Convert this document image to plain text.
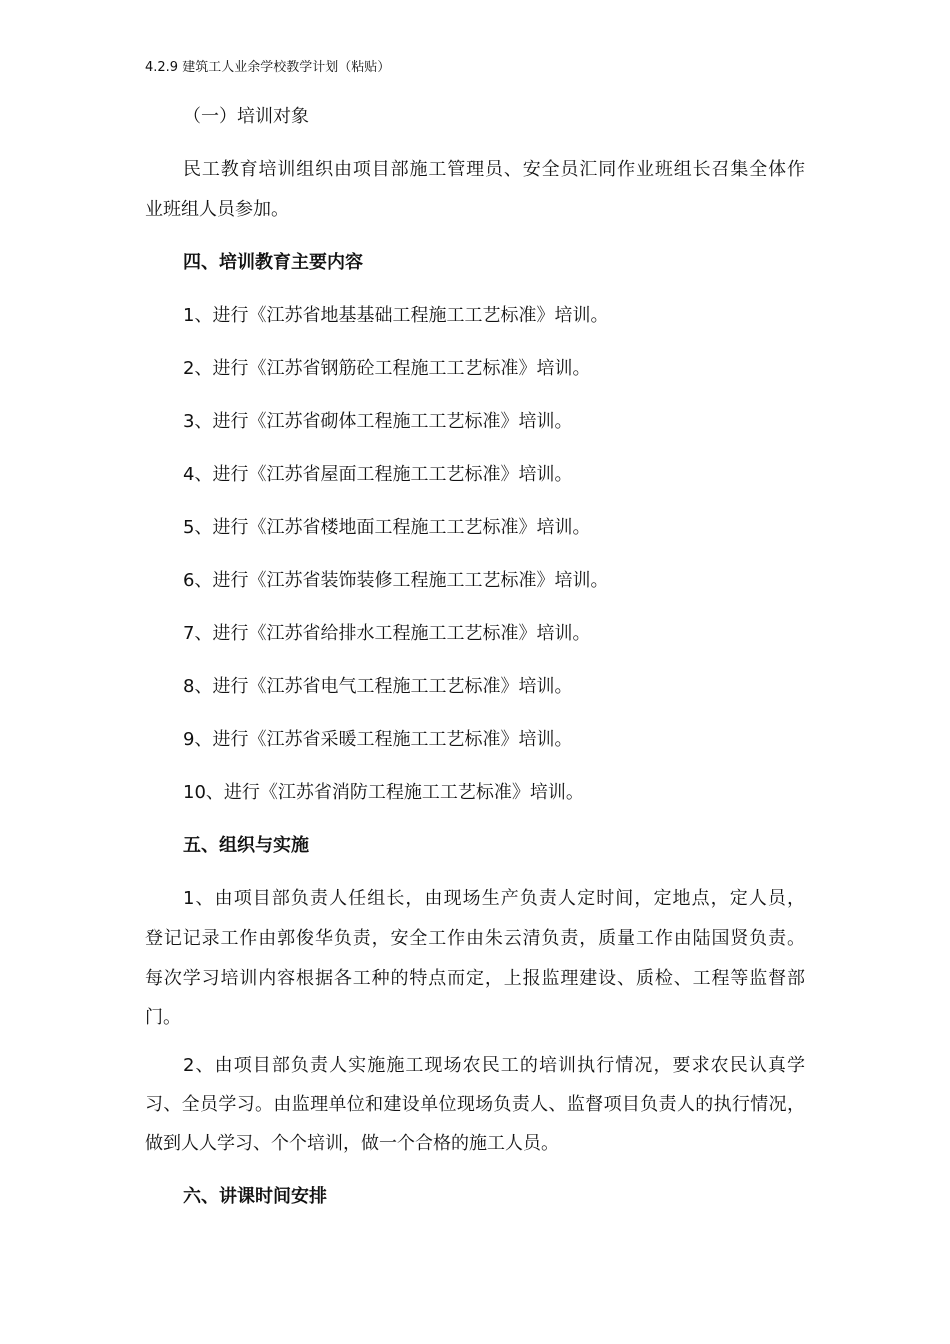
4.2.9 建筑工人业余学校教学计划（粘贴）
（一）培训对象
民工教育培训组织由项目部施工管理员、安全员汇同作业班组长召集全体作
业班组人员参加。
四、培训教育主要内容
1、进行《江苏省地基基础工程施工工艺标准》培训。
2、进行《江苏省钢筋砼工程施工工艺标准》培训。
3、进行《江苏省砌体工程施工工艺标准》培训。
4、进行《江苏省屋面工程施工工艺标准》培训。
5、进行《江苏省楼地面工程施工工艺标准》培训。
6、进行《江苏省装饰装修工程施工工艺标准》培训。
7、进行《江苏省给排水工程施工工艺标准》培训。
8、进行《江苏省电气工程施工工艺标准》培训。
9、进行《江苏省采暖工程施工工艺标准》培训。
10、进行《江苏省消防工程施工工艺标准》培训。
五、组织与实施
1、由项目部负责人任组长，由现场生产负责人定时间，定地点，定人员，
登记记录工作由郭俊华负责，安全工作由朱云清负责，质量工作由陆国贤负责。
每次学习培训内容根据各工种的特点而定，上报监理建设、质检、工程等监督部
门。
2、由项目部负责人实施施工现场农民工的培训执行情况，要求农民认真学
习、全员学习。由监理单位和建设单位现场负责人、监督项目负责人的执行情况，
做到人人学习、个个培训，做一个合格的施工人员。
六、讲课时间安排
